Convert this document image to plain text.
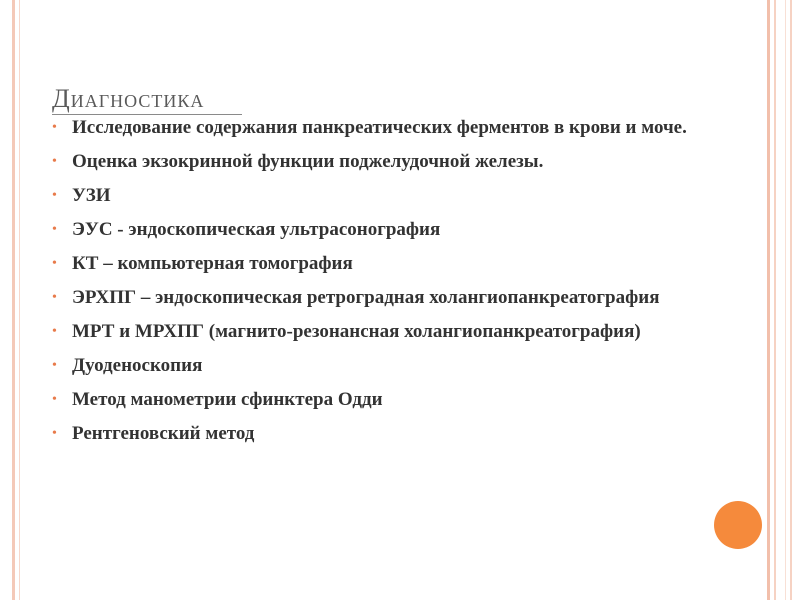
Диагностика
• Исследование содержания панкреатических ферментов в крови и моче.
• Оценка экзокринной функции поджелудочной железы.
• УЗИ
• ЭУС - эндоскопическая ультрасонография
• КТ – компьютерная томография
• ЭРХПГ – эндоскопическая ретроградная холангиопанкреатография
• МРТ и МРХПГ (магнито-резонансная холангиопанкреатография)
• Дуоденоскопия
• Метод манометрии сфинктера Одди
• Рентгеновский метод
